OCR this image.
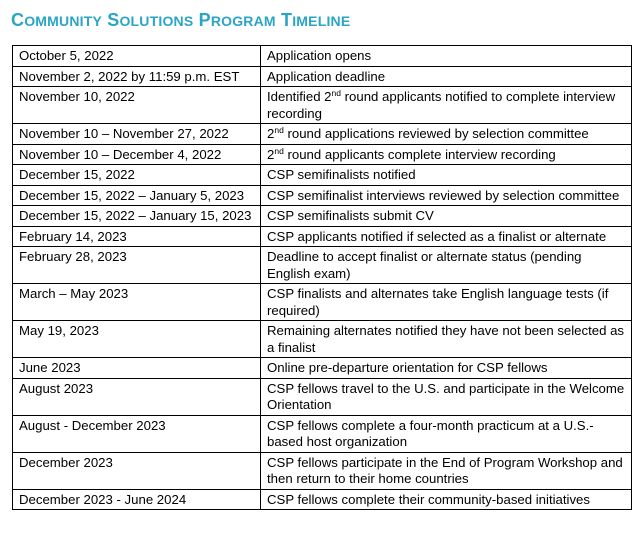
COMMUNITY SOLUTIONS PROGRAM TIMELINE
October 5, 2022	Application opens
November 2, 2022 by 11:59 p.m. EST	Application deadline
November 10, 2022	Identified 2nd round applicants notified to complete interview recording
November 10 – November 27, 2022	2nd round applications reviewed by selection committee
November 10 – December 4, 2022	2nd round applicants complete interview recording
December 15, 2022	CSP semifinalists notified
December 15, 2022 – January 5, 2023	CSP semifinalist interviews reviewed by selection committee
December 15, 2022 – January 15, 2023	CSP semifinalists submit CV
February 14, 2023	CSP applicants notified if selected as a finalist or alternate
February 28, 2023	Deadline to accept finalist or alternate status (pending English exam)
March – May 2023	CSP finalists and alternates take English language tests (if required)
May 19, 2023	Remaining alternates notified they have not been selected as a finalist
June 2023	Online pre-departure orientation for CSP fellows
August 2023	CSP fellows travel to the U.S. and participate in the Welcome Orientation
August - December 2023	CSP fellows complete a four-month practicum at a U.S.-based host organization
December 2023	CSP fellows participate in the End of Program Workshop and then return to their home countries
December 2023 - June 2024	CSP fellows complete their community-based initiatives
